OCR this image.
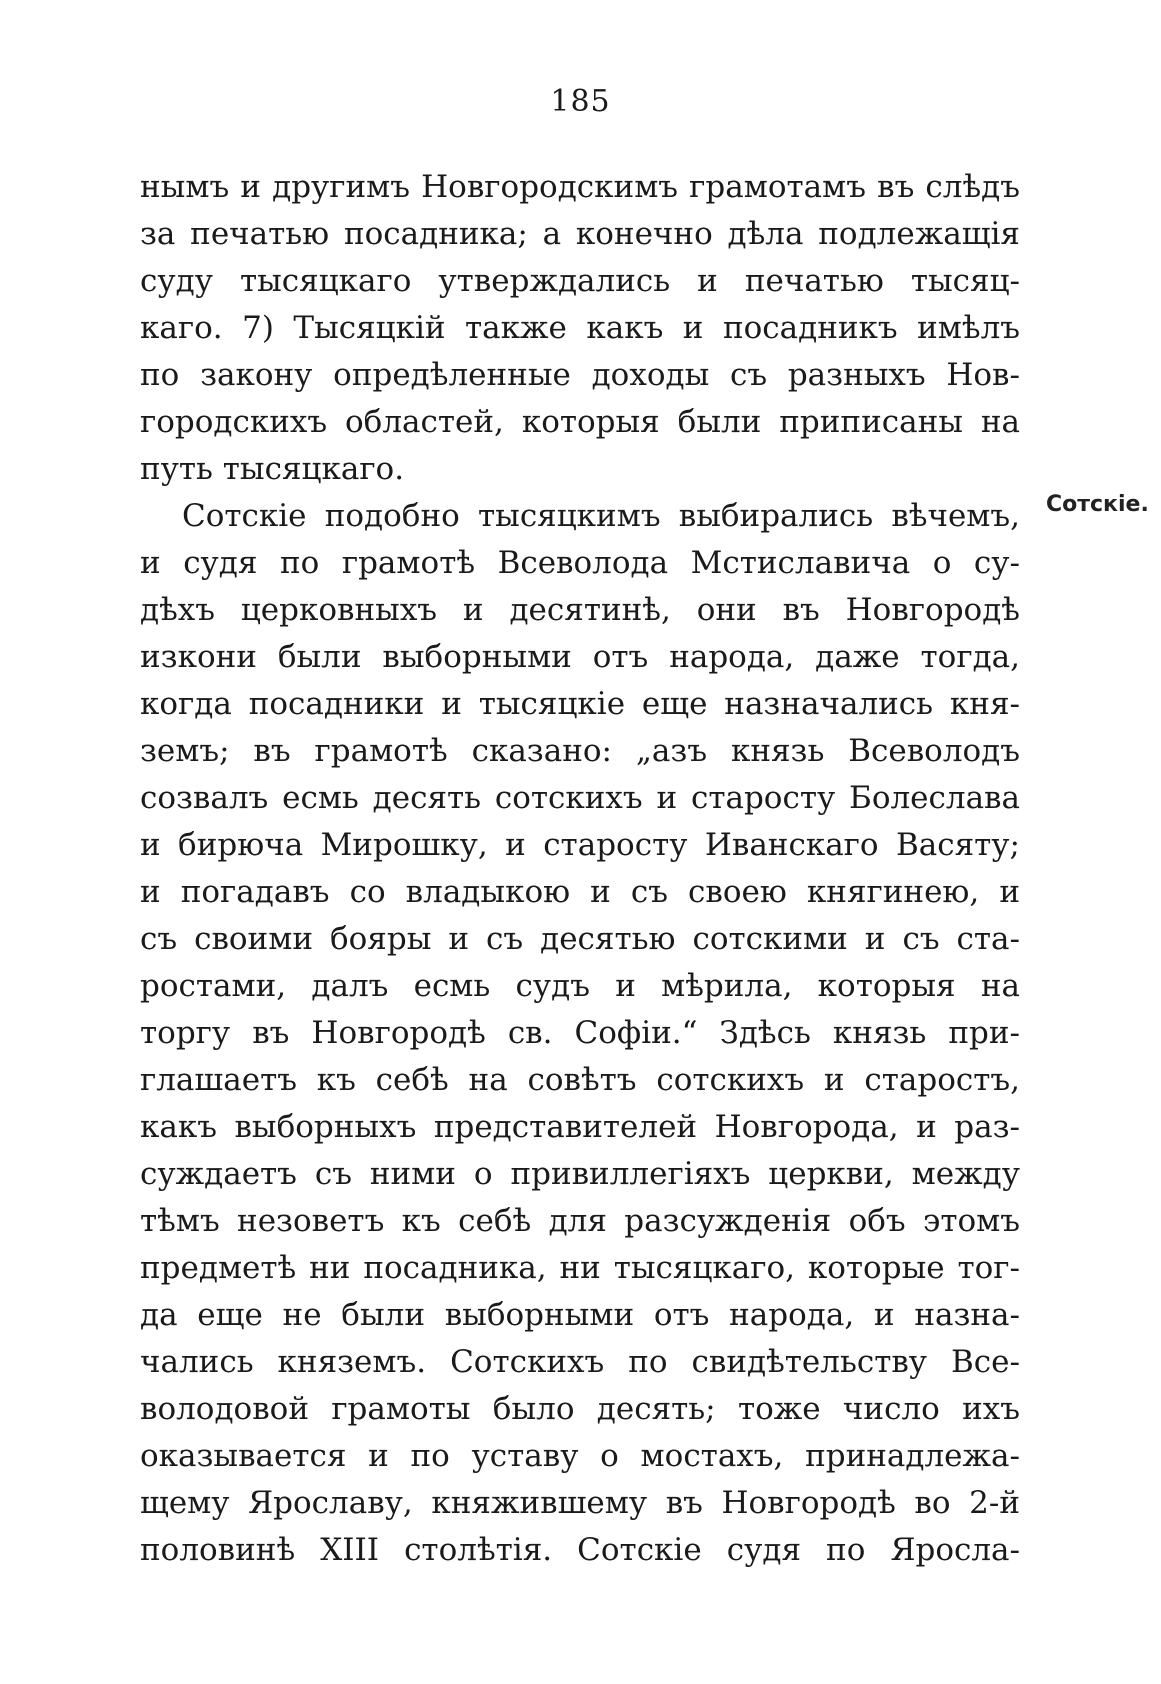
185
Сотскіе.
нымъ и другимъ Новгородскимъ грамотамъ въ слѣдъ
за печатью посадника; а конечно дѣла подлежащія
суду тысяцкаго утверждались и печатью тысяц-
каго. 7) Тысяцкій также какъ и посадникъ имѣлъ
по закону опредѣленные доходы съ разныхъ Нов-
городскихъ областей, которыя были приписаны на
путь тысяцкаго.
Сотскіе подобно тысяцкимъ выбирались вѣчемъ,
и судя по грамотѣ Всеволода Мстиславича о су-
дѣхъ церковныхъ и десятинѣ, они въ Новгородѣ
изкони были выборными отъ народа, даже тогда,
когда посадники и тысяцкіе еще назначались кня-
земъ; въ грамотѣ сказано: „азъ князь Всеволодъ
созвалъ есмь десять сотскихъ и старосту Болеслава
и бирюча Мирошку, и старосту Иванскаго Васяту;
и погадавъ со владыкою и съ своею княгинею, и
съ своими бояры и съ десятью сотскими и съ ста-
ростами, далъ есмь судъ и мѣрила, которыя на
торгу въ Новгородѣ св. Софіи.“ Здѣсь князь при-
глашаетъ къ себѣ на совѣтъ сотскихъ и старостъ,
какъ выборныхъ представителей Новгорода, и раз-
суждаетъ съ ними о привиллегіяхъ церкви, между
тѣмъ незоветъ къ себѣ для разсужденія объ этомъ
предметѣ ни посадника, ни тысяцкаго, которые тог-
да еще не были выборными отъ народа, и назна-
чались княземъ. Сотскихъ по свидѣтельству Все-
володовой грамоты было десять; тоже число ихъ
оказывается и по уставу о мостахъ, принадлежа-
щему Ярославу, княжившему въ Новгородѣ во 2-й
половинѣ XIII столѣтія. Сотскіе судя по Яросла-
